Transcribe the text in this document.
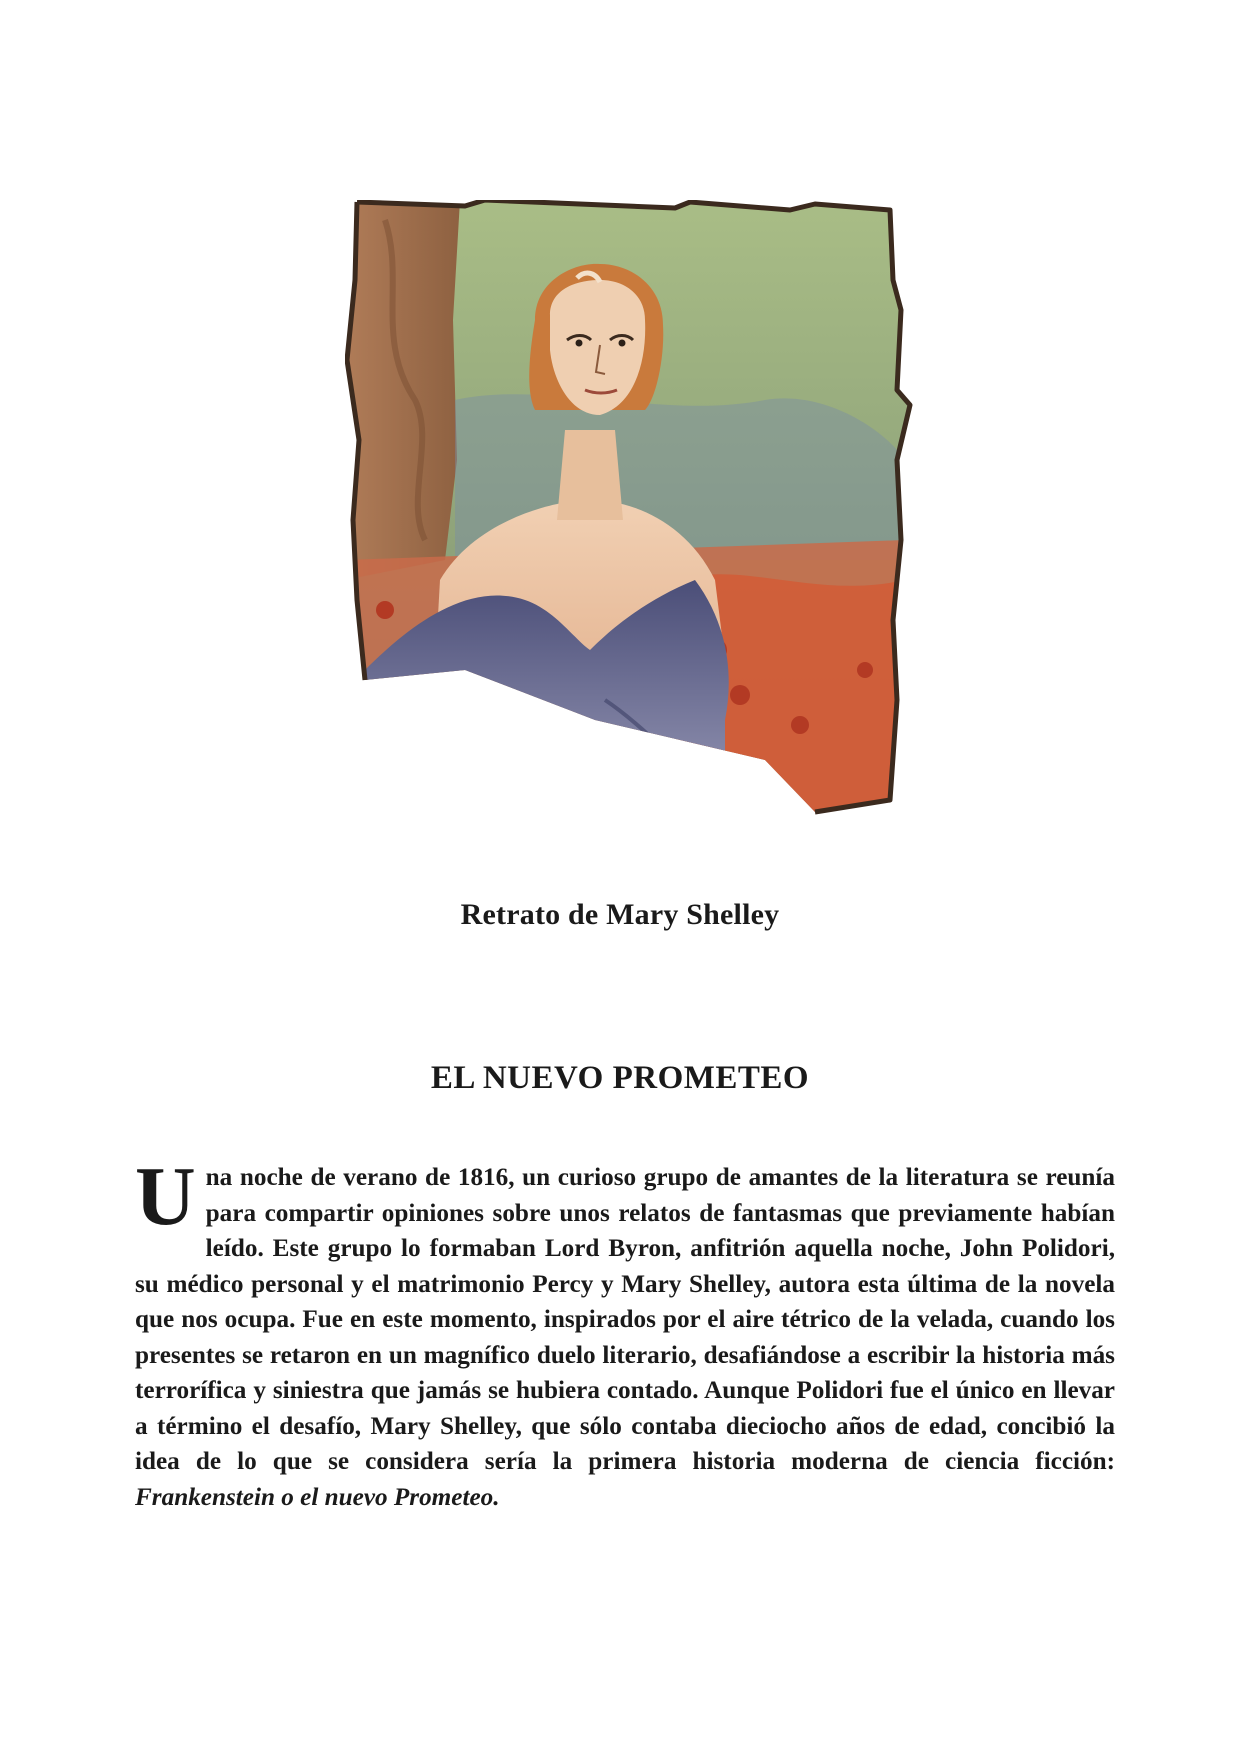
Retrato de Mary Shelley
EL NUEVO PROMETEO

Una noche de verano de 1816, un curioso grupo de amantes de la literatura se reunía para compartir opiniones sobre unos relatos de fantasmas que previamente habían leído. Este grupo lo formaban Lord Byron, anfitrión aquella noche, John Polidori, su médico personal y el matrimonio Percy y Mary Shelley, autora esta última de la novela que nos ocupa. Fue en este momento, inspirados por el aire tétrico de la velada, cuando los presentes se retaron en un magnífico duelo literario, desafiándose a escribir la historia más terrorífica y siniestra que jamás se hubiera contado. Aunque Polidori fue el único en llevar a término el desafío, Mary Shelley, que sólo contaba dieciocho años de edad, concibió la idea de lo que se considera sería la primera historia moderna de ciencia ficción: Frankenstein o el nuevo Prometeo.
